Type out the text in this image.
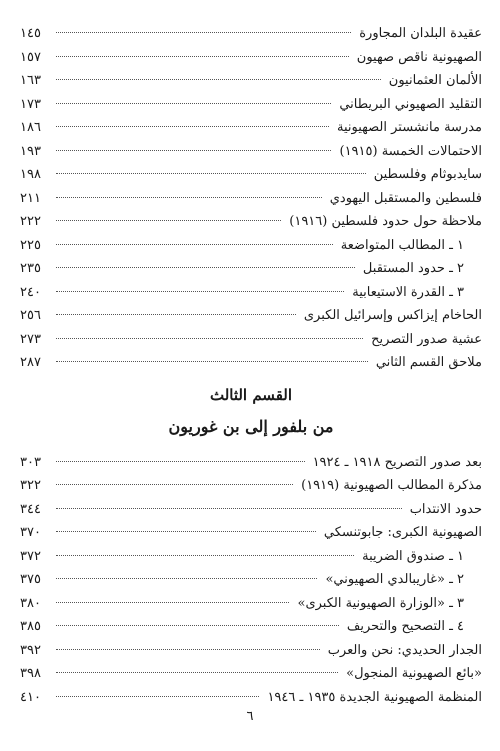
عقيدة البلدان المجاورة
١٤٥
الصهيونية ناقص صهيون
١٥٧
الألمان العثمانيون
١٦٣
التقليد الصهيوني البريطاني
١٧٣
مدرسة مانشستر الصهيونية
١٨٦
الاحتمالات الخمسة (١٩١٥)
١٩٣
سايدبوثام وفلسطين
١٩٨
فلسطين والمستقبل اليهودي
٢١١
ملاحظة حول حدود فلسطين (١٩١٦)
٢٢٢
١ ـ المطالب المتواضعة
٢٢٥
٢ ـ حدود المستقبل
٢٣٥
٣ ـ القدرة الاستيعابية
٢٤٠
الحاخام إيزاكس وإسرائيل الكبرى
٢٥٦
عشية صدور التصريح
٢٧٣
ملاحق القسم الثاني
٢٨٧
القسم الثالث
من بلفور إلى بن غوريون
بعد صدور التصريح ١٩١٨ ـ ١٩٢٤
٣٠٣
مذكرة المطالب الصهيونية (١٩١٩)
٣٢٢
حدود الانتداب
٣٤٤
الصهيونية الكبرى: جابوتنسكي
٣٧٠
١ ـ صندوق الضريبة
٣٧٢
٢ ـ «غاريبالدي الصهيوني»
٣٧٥
٣ ـ «الوزارة الصهيونية الكبرى»
٣٨٠
٤ ـ التصحيح والتحريف
٣٨٥
الجدار الحديدي: نحن والعرب
٣٩٢
«بائع الصهيونية المنجول»
٣٩٨
المنظمة الصهيونية الجديدة ١٩٣٥ ـ ١٩٤٦
٤١٠
٦
